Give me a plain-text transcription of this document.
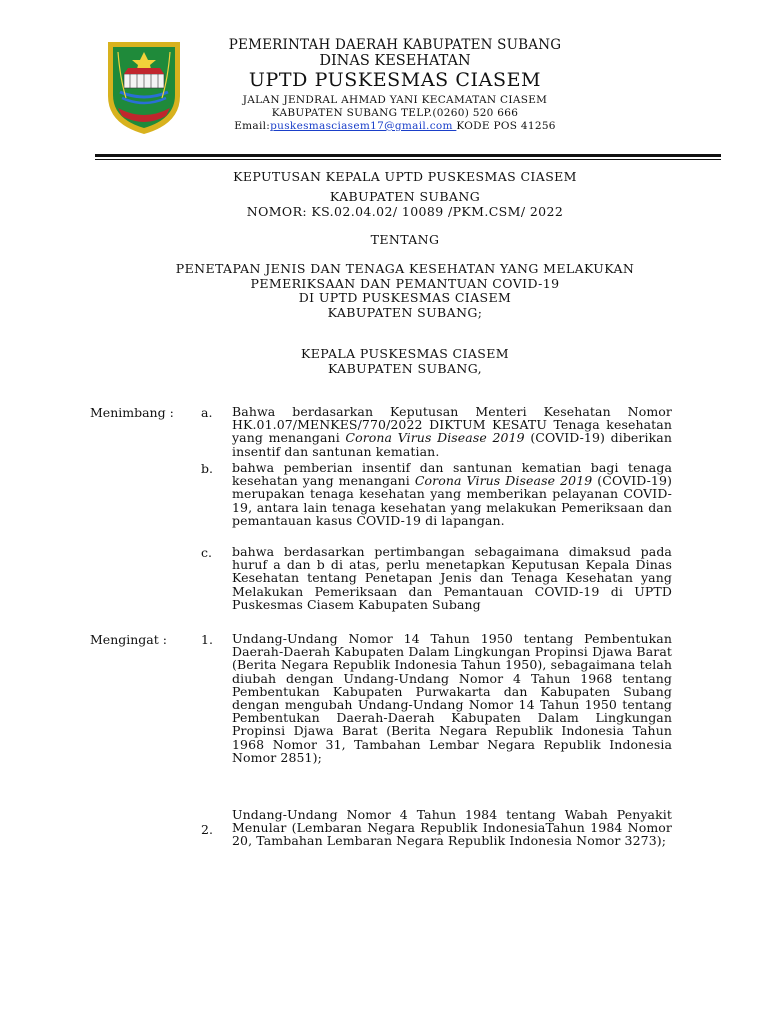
PEMERINTAH DAERAH KABUPATEN SUBANG
DINAS KESEHATAN
UPTD PUSKESMAS CIASEM
JALAN JENDRAL AHMAD YANI KECAMATAN CIASEM
KABUPATEN SUBANG TELP.(0260) 520 666
Email:puskesmasciasem17@gmail.com KODE POS 41256
KEPUTUSAN KEPALA UPTD PUSKESMAS CIASEM
KABUPATEN SUBANG
NOMOR: KS.02.04.02/ 10089 /PKM.CSM/ 2022
TENTANG
PENETAPAN JENIS DAN TENAGA KESEHATAN YANG MELAKUKAN
PEMERIKSAAN DAN PEMANTUAN COVID-19
DI UPTD PUSKESMAS CIASEM
KABUPATEN SUBANG;
KEPALA PUSKESMAS CIASEM
KABUPATEN SUBANG,
Menimbang : a. Bahwa berdasarkan Keputusan Menteri Kesehatan Nomor HK.01.07/MENKES/770/2022 DIKTUM KESATU Tenaga kesehatan yang menangani Corona Virus Disease 2019 (COVID-19) diberikan insentif dan santunan kematian.
b. bahwa pemberian insentif dan santunan kematian bagi tenaga kesehatan yang menangani Corona Virus Disease 2019 (COVID-19) merupakan tenaga kesehatan yang memberikan pelayanan COVID-19, antara lain tenaga kesehatan yang melakukan Pemeriksaan dan pemantauan kasus COVID-19 di lapangan.
c. bahwa berdasarkan pertimbangan sebagaimana dimaksud pada huruf a dan b di atas, perlu menetapkan Keputusan Kepala Dinas Kesehatan tentang Penetapan Jenis dan Tenaga Kesehatan yang Melakukan Pemeriksaan dan Pemantauan COVID-19 di UPTD Puskesmas Ciasem Kabupaten Subang
Mengingat :	1. Undang-Undang Nomor 14 Tahun 1950 tentang Pembentukan Daerah-Daerah Kabupaten Dalam Lingkungan Propinsi Djawa Barat (Berita Negara Republik Indonesia Tahun 1950), sebagaimana telah diubah dengan Undang-Undang Nomor 4 Tahun 1968 tentang Pembentukan Kabupaten Purwakarta dan Kabupaten Subang dengan mengubah Undang-Undang Nomor 14 Tahun 1950 tentang Pembentukan Daerah-Daerah Kabupaten Dalam Lingkungan Propinsi Djawa Barat (Berita Negara Republik Indonesia Tahun 1968 Nomor 31, Tambahan Lembar Negara Republik Indonesia Nomor 2851);
2.
Undang-Undang Nomor 4 Tahun 1984 tentang Wabah Penyakit Menular (Lembaran Negara Republik IndonesiaTahun 1984 Nomor 20, Tambahan Lembaran Negara Republik Indonesia Nomor 3273);
